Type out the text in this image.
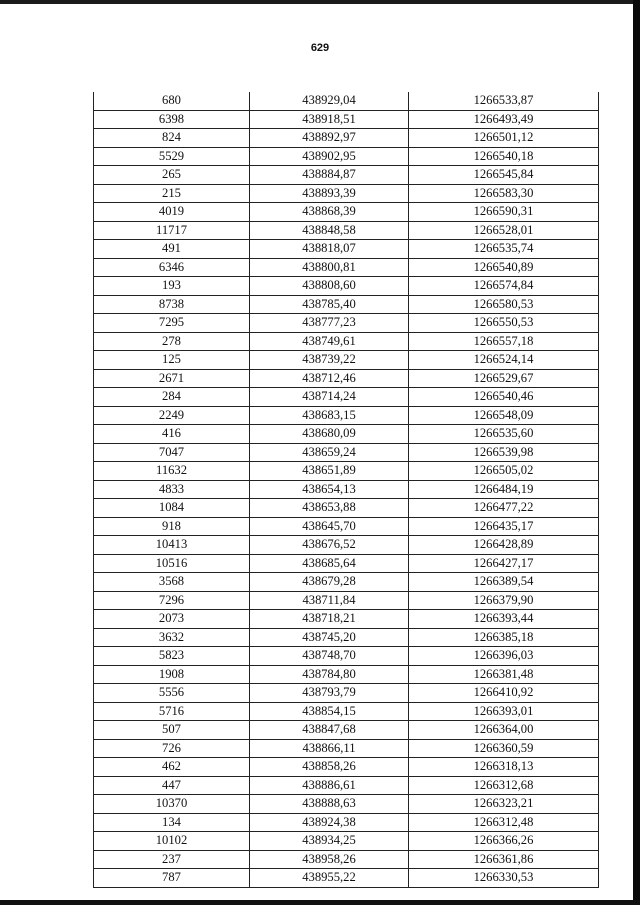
629
680	438929,04	1266533,87
6398	438918,51	1266493,49
824	438892,97	1266501,12
5529	438902,95	1266540,18
265	438884,87	1266545,84
215	438893,39	1266583,30
4019	438868,39	1266590,31
11717	438848,58	1266528,01
491	438818,07	1266535,74
6346	438800,81	1266540,89
193	438808,60	1266574,84
8738	438785,40	1266580,53
7295	438777,23	1266550,53
278	438749,61	1266557,18
125	438739,22	1266524,14
2671	438712,46	1266529,67
284	438714,24	1266540,46
2249	438683,15	1266548,09
416	438680,09	1266535,60
7047	438659,24	1266539,98
11632	438651,89	1266505,02
4833	438654,13	1266484,19
1084	438653,88	1266477,22
918	438645,70	1266435,17
10413	438676,52	1266428,89
10516	438685,64	1266427,17
3568	438679,28	1266389,54
7296	438711,84	1266379,90
2073	438718,21	1266393,44
3632	438745,20	1266385,18
5823	438748,70	1266396,03
1908	438784,80	1266381,48
5556	438793,79	1266410,92
5716	438854,15	1266393,01
507	438847,68	1266364,00
726	438866,11	1266360,59
462	438858,26	1266318,13
447	438886,61	1266312,68
10370	438888,63	1266323,21
134	438924,38	1266312,48
10102	438934,25	1266366,26
237	438958,26	1266361,86
787	438955,22	1266330,53
